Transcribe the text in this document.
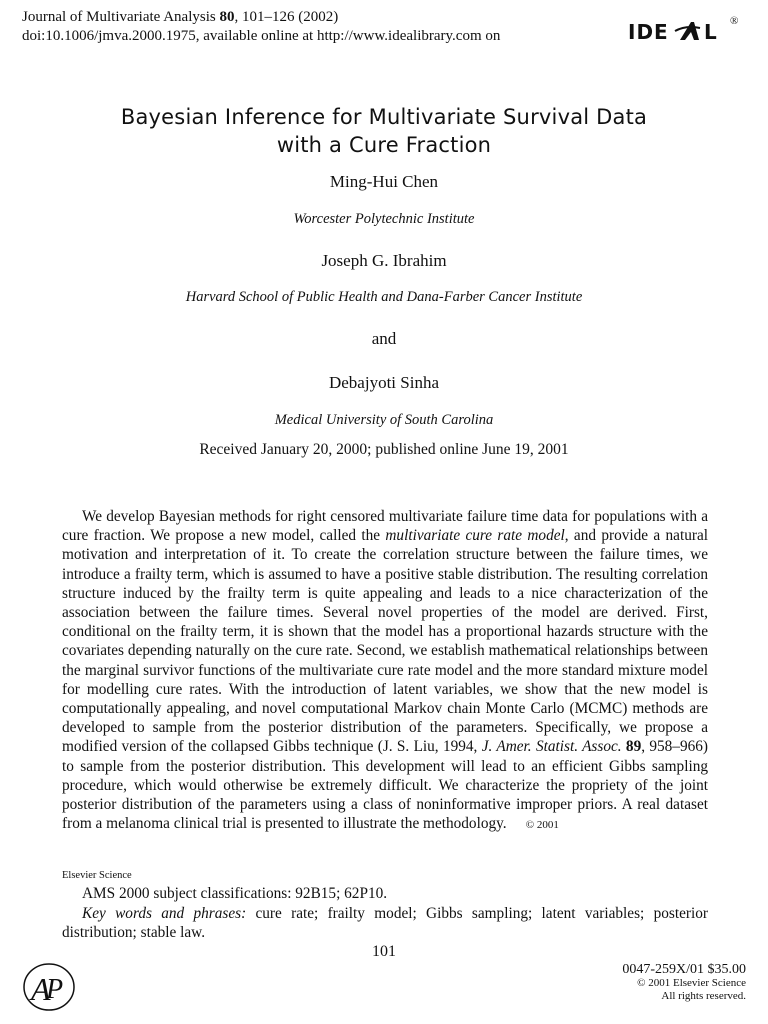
Journal of Multivariate Analysis 80, 101–126 (2002)
doi:10.1006/jmva.2000.1975, available online at http://www.idealibrary.com on	IDE L ®
Bayesian Inference for Multivariate Survival Data
with a Cure Fraction
Ming-Hui Chen
Worcester Polytechnic Institute
Joseph G. Ibrahim
Harvard School of Public Health and Dana-Farber Cancer Institute
and
Debajyoti Sinha
Medical University of South Carolina
Received January 20, 2000; published online June 19, 2001
We develop Bayesian methods for right censored multivariate failure time data for populations with a cure fraction. We propose a new model, called the multivariate cure rate model, and provide a natural motivation and interpretation of it. To create the correlation structure between the failure times, we introduce a frailty term, which is assumed to have a positive stable distribution. The resulting correlation structure induced by the frailty term is quite appealing and leads to a nice characterization of the association between the failure times. Several novel properties of the model are derived. First, conditional on the frailty term, it is shown that the model has a proportional hazards structure with the covariates depending naturally on the cure rate. Second, we establish mathematical relationships between the marginal survivor functions of the multivariate cure rate model and the more standard mixture model for modelling cure rates. With the introduction of latent variables, we show that the new model is computationally appealing, and novel computational Markov chain Monte Carlo (MCMC) methods are developed to sample from the posterior distribution of the parameters. Specifically, we propose a modified version of the collapsed Gibbs technique (J. S. Liu, 1994, J. Amer. Statist. Assoc. 89, 958–966) to sample from the posterior distribution. This development will lead to an efficient Gibbs sampling procedure, which would otherwise be extremely difficult. We characterize the propriety of the joint posterior distribution of the parameters using a class of noninformative improper priors. A real dataset from a melanoma clinical trial is presented to illustrate the methodology. © 2001
Elsevier Science
AMS 2000 subject classifications: 92B15; 62P10.
Key words and phrases: cure rate; frailty model; Gibbs sampling; latent variables; posterior distribution; stable law.
101
A
P
0047-259X/01 $35.00
© 2001 Elsevier Science
All rights reserved.
